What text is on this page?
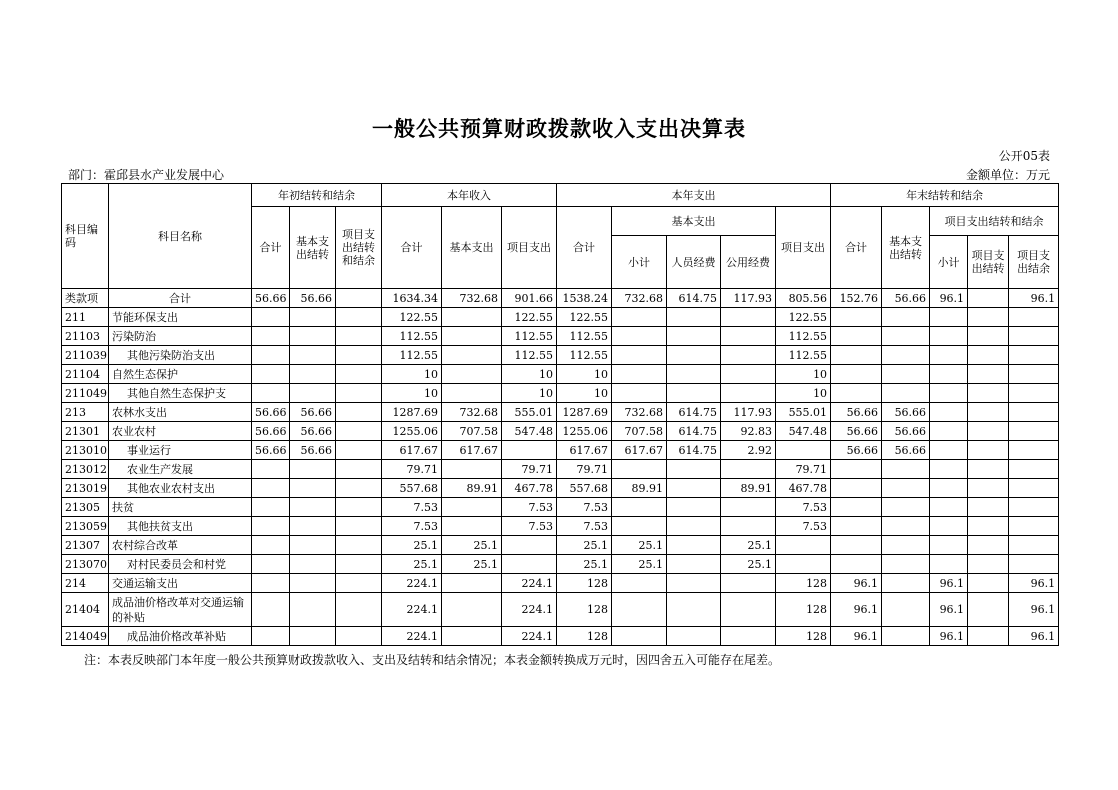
一般公共预算财政拨款收入支出决算表
公开05表
部门：霍邱县水产业发展中心	金额单位：万元
科目编码	科目名称	年初结转和结余			本年收入			本年支出					年末结转和结余				
		合计	基本支出结转	项目支出结转和结余	合计	基本支出	项目支出	合计	基本支出			项目支出	合计	基本支出结转	项目支出结转和结余		
									小计	人员经费	公用经费				小计	项目支出结转	项目支出结余
类款项	合计	56.66	56.66		1634.34	732.68	901.66	1538.24	732.68	614.75	117.93	805.56	152.76	56.66	96.1		96.1
211	节能环保支出				122.55		122.55	122.55				122.55					
21103	污染防治				112.55		112.55	112.55				112.55					
211039	其他污染防治支出				112.55		112.55	112.55				112.55					
21104	自然生态保护				10		10	10				10					
211049	其他自然生态保护支				10		10	10				10					
213	农林水支出	56.66	56.66		1287.69	732.68	555.01	1287.69	732.68	614.75	117.93	555.01	56.66	56.66			
21301	农业农村	56.66	56.66		1255.06	707.58	547.48	1255.06	707.58	614.75	92.83	547.48	56.66	56.66			
213010	事业运行	56.66	56.66		617.67	617.67		617.67	617.67	614.75	2.92		56.66	56.66			
213012	农业生产发展				79.71		79.71	79.71				79.71					
213019	其他农业农村支出				557.68	89.91	467.78	557.68	89.91		89.91	467.78					
21305	扶贫				7.53		7.53	7.53				7.53					
213059	其他扶贫支出				7.53		7.53	7.53				7.53					
21307	农村综合改革				25.1	25.1		25.1	25.1		25.1						
213070	对村民委员会和村党				25.1	25.1		25.1	25.1		25.1						
214	交通运输支出				224.1		224.1	128				128	96.1		96.1		96.1
21404	成品油价格改革对交通运输的补贴				224.1		224.1	128				128	96.1		96.1		96.1
214049	成品油价格改革补贴				224.1		224.1	128				128	96.1		96.1		96.1
注：本表反映部门本年度一般公共预算财政拨款收入、支出及结转和结余情况；本表金额转换成万元时，因四舍五入可能存在尾差。
